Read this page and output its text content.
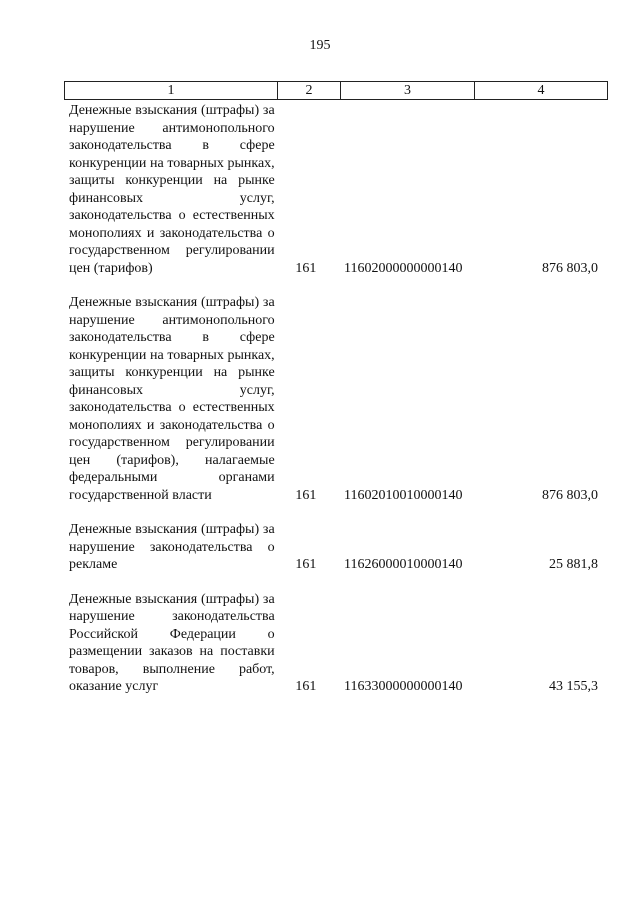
195
1	2	3	4
Денежные взыскания (штрафы) за нарушение антимонопольного законодательства в сфере конкуренции на товарных рынках, защиты конкуренции на рынке финансовых услуг, законодательства о естественных монополиях и законодательства о государственном регулировании цен (тарифов)	161	11602000000000140	876 803,0
Денежные взыскания (штрафы) за нарушение антимонопольного законодательства в сфере конкуренции на товарных рынках, защиты конкуренции на рынке финансовых услуг, законодательства о естественных монополиях и законодательства о государственном регулировании цен (тарифов), налагаемые федеральными органами государственной власти	161	11602010010000140	876 803,0
Денежные взыскания (штрафы) за нарушение законодательства о рекламе	161	11626000010000140	25 881,8
Денежные взыскания (штрафы) за нарушение законодательства Российской Федерации о размещении заказов на поставки товаров, выполнение работ, оказание услуг	161	11633000000000140	43 155,3
